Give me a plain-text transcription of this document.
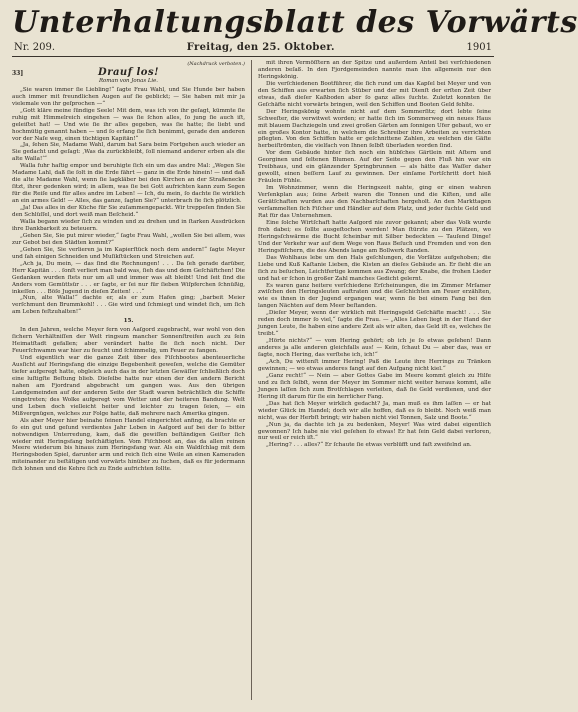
Unterhaltungsblatt des Vorwärts
Nr. 209.	Freitag, den 25. Oktober.	1901
(Nachdruck verboten.)
33]	Drauf los!
Roman von Jonas Lie.

„Sie waren immer ſie Liebling!“ ſagte Frau Wahl, und Sie Hunde ber haben auch immer mit freundlichen Augen auf ſie geblickt; — Sie haben mit mir ja vielemale von ihr geſprochen —“

„Gott kläre meine ſündige Seele! Mit dem, was ich von ihr geſagt, kümmte ſie ruhig mit Himmelreich eingehen — was ſie ſchon alles, ſo jung ſie auch iſt, geleiſtet hat! — Und wie ſie ihr alles gegeben, was ſie hatte; ſie liebt und hochmütig genannt haben — und ſo erfang ſie ſich benimmt, gerade den anderen vor der Naſe weg, einen tüchtigen Kapitän!“

„Ja, ſehen Sie, Madame Wahl, darum bat Sara beim Fortgehen auch wieder an Sie gedacht und geſagt: ‚Was da zurückbleibt, ſoll niemand anderer erben als die alte Walla!‘“

Walla fuhr haſtig empor und beruhigte ſich ein um das andre Mal: „Wegen Sie Madame Lahl, daß ſie ſolt in die Erde fährt — ganz in die Erde hinein! — und daß die alte Madame Wahl, wenn ſie lagkläber bei den Kirchen an der Straßenecke ſitzt, ihrer gedenken wird; in allem, was ſie bei Gott aufrichten kann zum Segen für die Reiſe und für alles andre im Leben! — Ich, du mein, ſo dachte ſie wirklich an ein armes Geld! — Alles, das ganze, ſagten Sie?“ unterbrach ſie ſich plötzlich.

„Ja! Das alles in der Küche für Sie zuſammengepackt. Wir treppeſen finden Sie den Schlüſſel, und dort weiß man Beſcheid.“

Walla begann wieder ſich zu winden und zu drehen und in ſtarken Ausdrücken ihre Dankbarkeit zu beteuern.

„Gehen Sie, Sie put mirer wieder,“ ſagte Frau Wahl, „wollen Sie bei allem, was zur Gebot bei den Städten kommt?“

„Gehen Sie, Sie verlieren ja im Kapierſtück noch dem andern!“ ſagte Meyer und ſah einigen Schneiden und Muſikſtücken und Streichen auf.

„Ach ja, Du mein, — das ſind die Rechnungen! . . . Da ſeh gerade darüber, Herr Kapitän . . . ſonſt verliert man bald was, ſieh das und dem Geſchäftchen! Die Gedanken wurden ſtets nur um all und immer was alt bleibt! Und ſeit ſind die Anders vom Gemüttsür . . . er ſagte, er ſei nur für ſieben Wiſpferchen ſchnüßig, inkeſſen . . . Böſe Jugend in dieſen Zeiten! . . .“

„Nun, alte Walla!“ dachte er, als er zum Hafen ging; „barbeit Meier verſchmunt den Brummkohl! . . . Gie wird und ſchmiegt und windet ſich, um ſich am Leben feſtzuhalten!“

15.

In den Jahren, welche Meyer fern von Aaſgord zugebracht, war wohl von den ſichern Verhältniſſen der Welt ringsum mancher Sonnenſtreifen auch zu ſein Heimatſtadt gefallen; aber verändert hatte ſie ſich noch nicht. Der Feuerſchwamm war hier zu feucht und ſchimmelig, um Feuer zu fangen.

Und eigentlich war die ganze Zeit über des Fiſchbootes abenteuerliche Ausſicht auf Heringsfang die einzige Begebenheit geweſen, welche die Gemüter tiefer aufgeregt hatte, obgleich auch das in der letzten Gewäſſer ſchließlich doch eine luſtigſte Beſtung blieb. Dieſelbe hatte nur einen der den andern Bericht nahen am Fjordrand abgebracht um gangen was. Aus den übrigen Landgemeinden auf der anderen Seite der Stadt waren beträchtlich die Schiffe eingetreten; des Wolke aufgeregt vom Wetter und der heiteren Bandung. Welt und Leben doch vielleicht heiter und leichter zu tragen ſeien, — ein Mißvergnügen, welches zur Folge hatte, daß mehrere nach Amerika gingen.

Als aber Meyer hier beinahe ſeinen Handel eingerichtet anfing, da brachte er ſo ein gut und geſund verdientes Jahr Leben in Aaſgord auf bei der ſo bitter notwendigen Unterredung, kam, daß die gewiſſen beſtändigen Geiſter ſich wieder mit Heringsfang beſchäftigten. Vom Fiſchboot an, das da allen reinen Meere wiederum bis hinaus zum Heringsfang war. Als ein Waldſchlag mit dem Heringsboden Spiel, darunter arm und reich ſich eine Weile an einen Kameraden miteinander zu beſtätigen und vorwärts hinüber zu ſuchen, daß es für jedermann ſich lohnen und die Kehre ſich zu Ende aufrichten ſollte.

mit ihren Vermöſſtern an der Spitze und außerdem Anteil bei verſchiedenen anderen beſaß. In den Fjordgemeinden nannte man ihn allgemein nur den Heringskönig.

Die verſchiedenen Bootführer, die ſich rund um das Kapſel bei Meyer und von den Schiffen aus erwarten ſich Stüber und der mit Dienſt der erſten Zeit über etwas, daß dieſer Kaßboden aber ſo ganz alles ſuchte. Zuletzt konnten ſie Geſchäfte nicht vorwärts bringen, weil den Schiffen und Booten Geld fehlte.

Der Heringskönig wohnte nicht auf dem Sommerſitz; dort lebte ſeine Schweſter, die verwitwet worden; er hatte ſich im Sommerweg ein neues Haus mit blauem Dachziegeln und zwei großen Gärten am ſonnigen Ufer gebaut, wo er ein großes Kontor hatte, in welchem die Schreiber ihre Arbeiten zu verrichten pflegten. Von den Schiffen hatte er geſchnittene Zahlen, zu welchen die Gäſte herbeiſtrömten, die vielfach von Ihnen ſelbſt überladen worden ſind.

Vor dem Gebäude hinter ſich noch ein hübſches Gärtlein mit Aſtern und Georginen und ſeltenen Blumen. Auf der Seite gegen den Fluß hin war ein Treibhaus, und ein glänzender Springbrunnen — als hätte das Waſſer daher gewollt, einen beſſern Lauf zu gewinnen. Der einſame Fortſchritt dort hieß Fräulein Fühle.

Im Wohnzimmer, wenn die Heringszeit nahte, ging er einen wahren Verſenkplan aus; ſeine Arbeit waren die Tonnen und die Kiſten, und alle Gerätſchaften wurden aus den Nachbarſchaften hergeholt. An den Markttagen verſammelten ſich Fiſcher und Händler auf dem Platz, und jeder ſuchte Geld und Rat für das Unternehmen.

Eine ſolche Wirtſchaft hatte Aaſgord nie zuvor gekannt; aber das Volk wurde froh dabei; es ſollte ausgeſtochen werden! Man ſtürzte zu den Plätzen, wo Heringsſchwärme die Bucht ſcheinbar mit Silber bedeckten — Tauſend Dinge! Und der Verkehr war auf dem Wege von Raus Beſuch und Fremden und von den Heringsfiſchern, die des Abends lange am Bollwerk ſtanden.

Das Wohlhaus lebe um den Hals geſchlungen, die Vorſätze aufgehoben; die Liebe und Kuß Kaſtanie Lieben, die Kisten an dieſes Gebäude an. Er ſieht die an ſich zu beſuchen, Leichtfertige kommen aus Zwang; der Knabe, die frohen Lieder und hat er ſchon in großer Zahl manches Gedicht gelernt.

Es waren ganz heitere verſchiedene Erſcheinungen, die im Zimmer Mrſamer zwiſchen den Heringsleuten auftraten und die Geſchichten am Feuer erzählten, wie es ihnen in der Jugend ergangen war, wenn ſie bei einem Fang bei den langen Nächten auf dem Meer beſtanden.

„Dieſer Meyer, wenn der wirklich mit Heringsgeld Geſchäfte macht! . . . Sie reden doch immer ſo viel,“ ſagte die Frau. — „Alles Leben liegt in der Hand der jungen Leute, ſie haben eine andere Zeit als wir alten, das Geld iſt es, welches ſie treibt.“

„Hörte nichts?“ — vom Hering gehört; ob ich je ſo etwas geſehen! Dann anderes ja alle anderen gleichfalls aus! — Kein, ſchaut Du — aber das, was er ſagte, noch Hering, das verſtehe ich, ich!“

„Ach, Du wittenſt immer Hering! Paß die Leute ihre Herrings zu Tränken gewinnen; — wo etwas anderes fangt auf den Aufgang nicht kiel.“

„Ganz recht!“ — Nein — aber Gottes Gabe im Meere kommt gleich zu Hilfe und zu ſich ſelbſt, wenn der Meyer im Sommer nicht weiter heraus kommt, alle Jungen laſſen ſich zum Brotſchlagen verleiten, daß ſie Geld verdienen, und der Hering iſt darum für ſie ein herrlicher Fang.

„Das hat ſich Meyer wirklich gedacht? Ja, man muß es ihm laſſen — er hat wieder Glück im Handel; doch wir alle hoffen, daß es ſo bleibt. Noch weiß man nicht, was der Herbſt bringt; wir haben nicht viel Tonnen, Salz und Boote.“

„Nun ja, da dachte ich ja zu bedenken, Meyer! Was wird dabei eigentlich gewonnen? Ich habe nie viel geſehen ſo etwas! Er hat ſein Geld dabei verloren, nur weil er reich iſt.“

„Hering? . . . alles?“ Er ſchaute ſie etwas verblüfft und faſt zweifelnd an.
